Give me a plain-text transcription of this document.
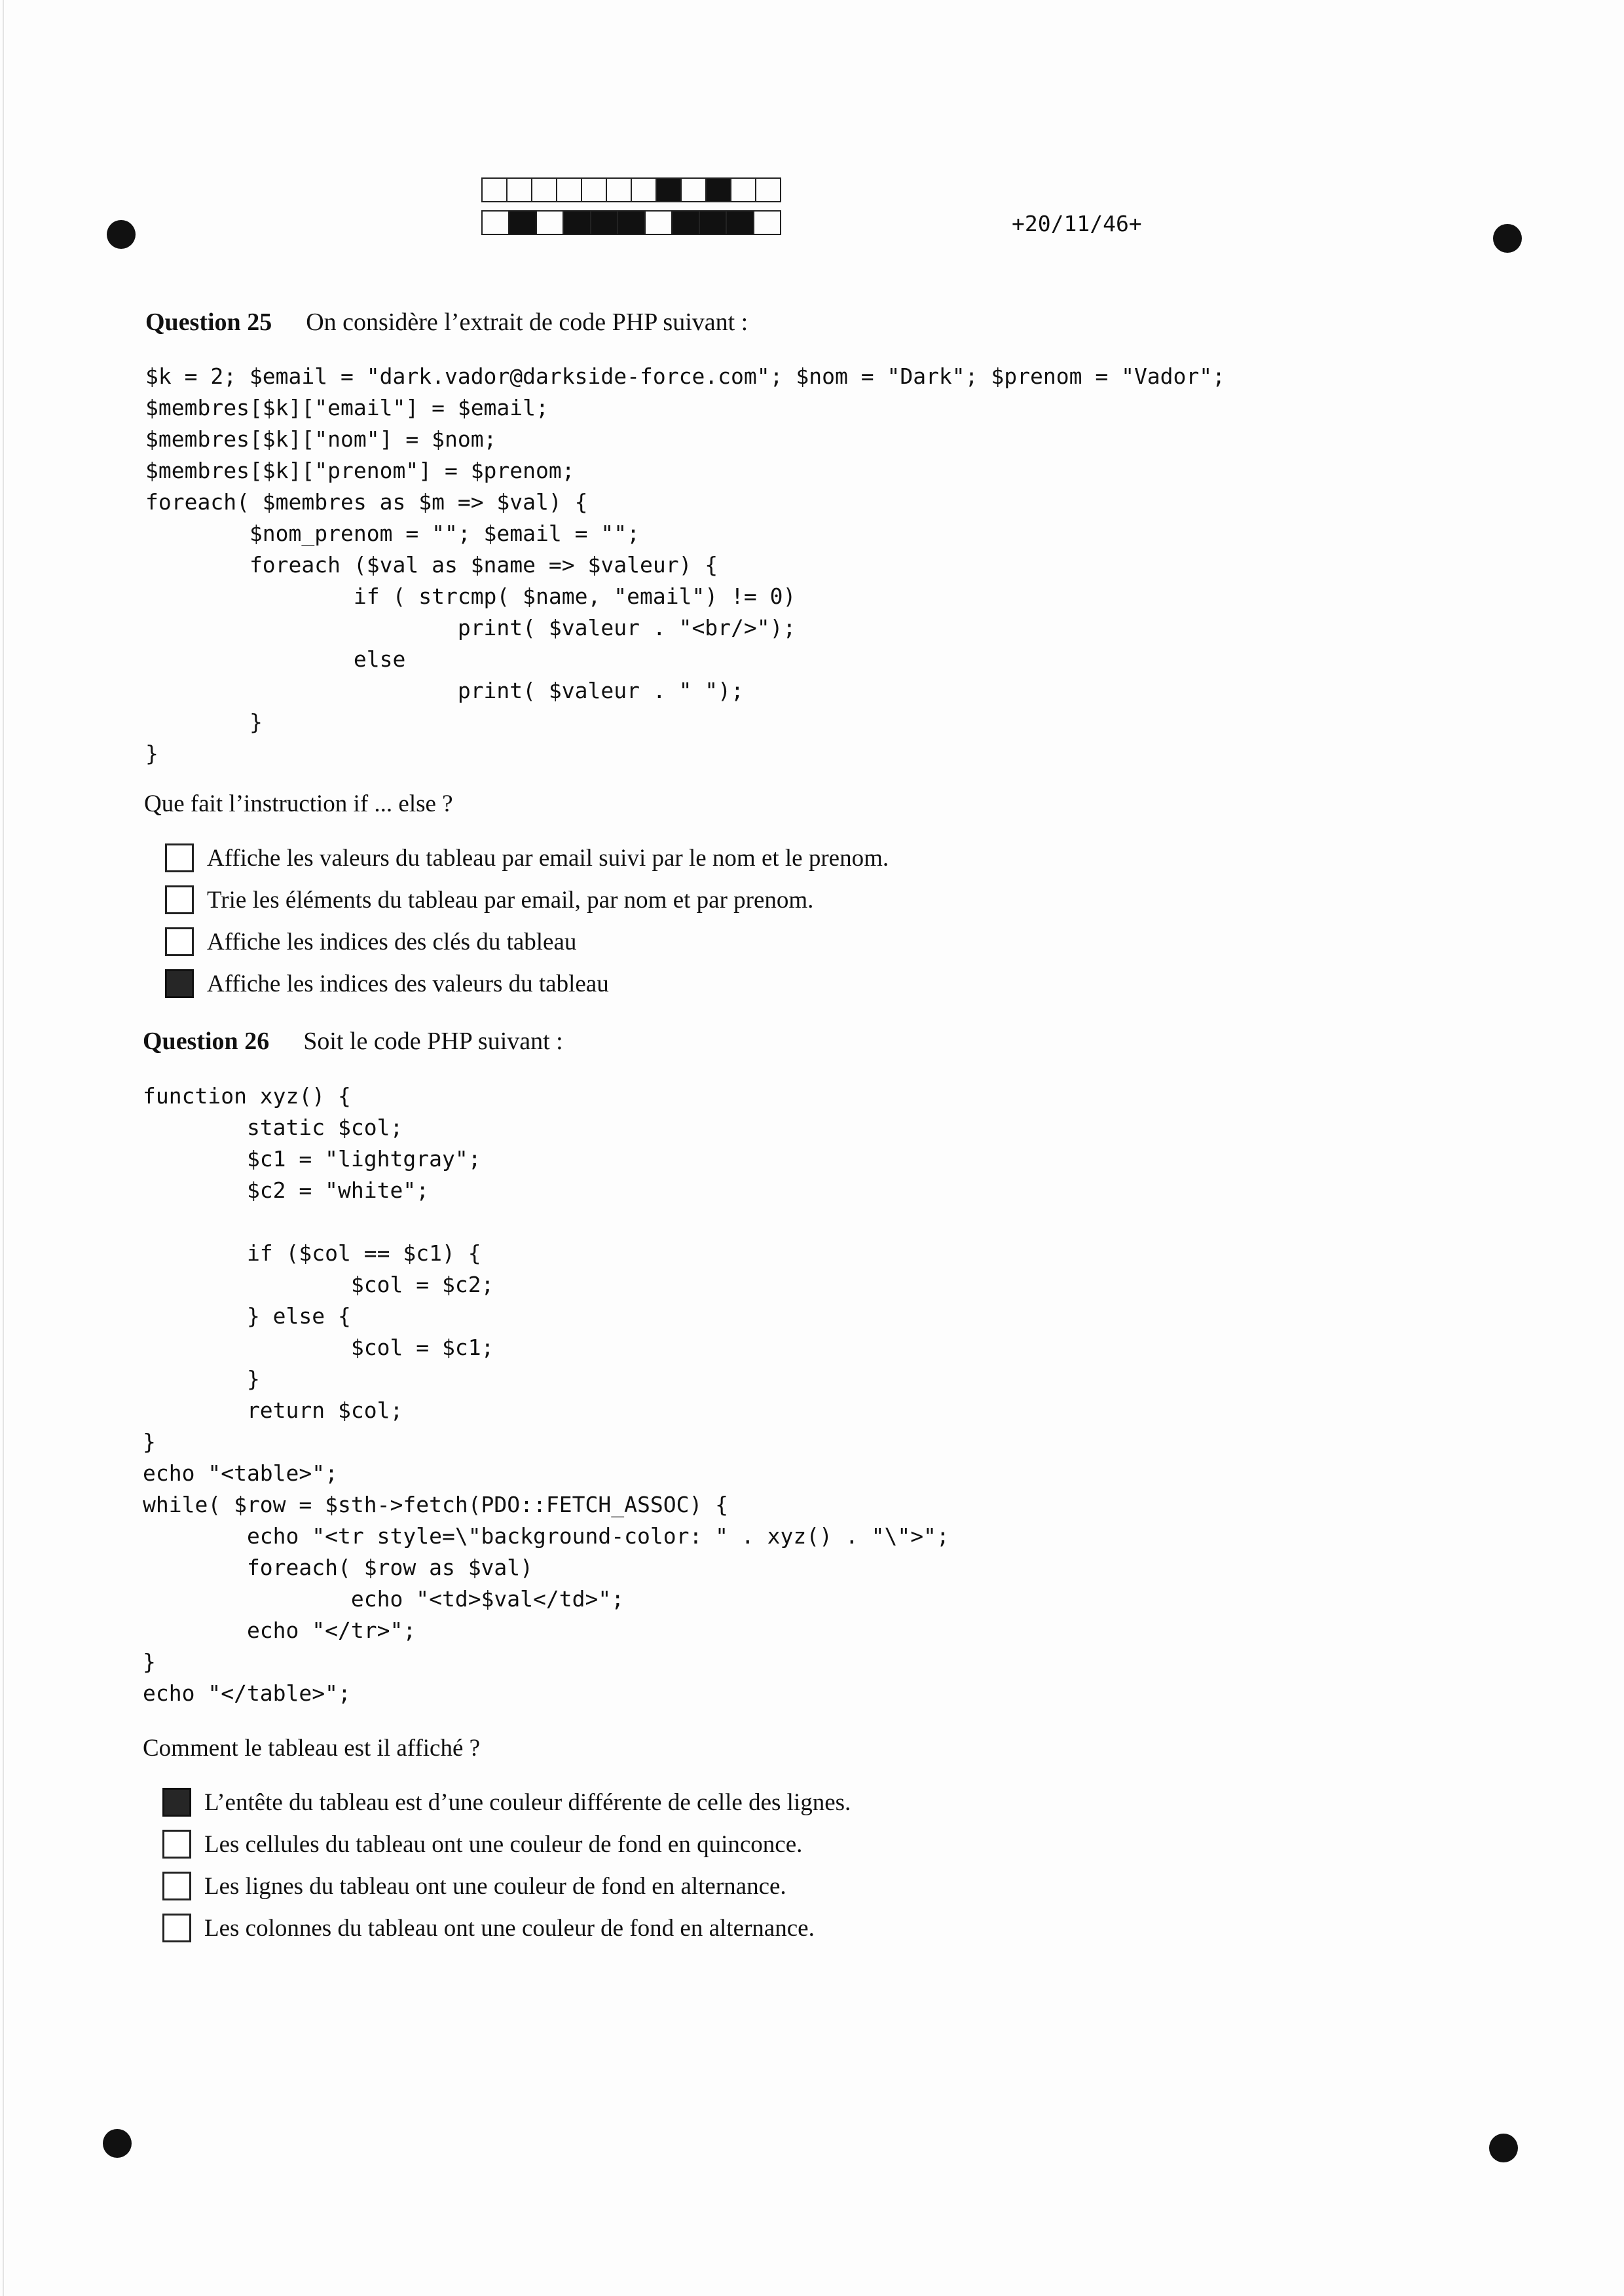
+20/11/46+
Question 25 On considère l’extrait de code PHP suivant :
$k = 2; $email = "dark.vador@darkside-force.com"; $nom = "Dark"; $prenom = "Vador";
$membres[$k]["email"] = $email;
$membres[$k]["nom"] = $nom;
$membres[$k]["prenom"] = $prenom;
foreach( $membres as $m => $val) {
$nom_prenom = ""; $email = "";
foreach ($val as $name => $valeur) {
if ( strcmp( $name, "email") != 0)
print( $valeur . "<br/>");
else
print( $valeur . " ");
}
}
Que fait l’instruction if ... else ?
Affiche les valeurs du tableau par email suivi par le nom et le prenom.
Trie les éléments du tableau par email, par nom et par prenom.
Affiche les indices des clés du tableau
Affiche les indices des valeurs du tableau
Question 26 Soit le code PHP suivant :
function xyz() {
static $col;
$c1 = "lightgray";
$c2 = "white";

if ($col == $c1) {
$col = $c2;
} else {
$col = $c1;
}
return $col;
}
echo "<table>";
while( $row = $sth->fetch(PDO::FETCH_ASSOC) {
echo "<tr style=\"background-color: " . xyz() . "\">";
foreach( $row as $val)
echo "<td>$val</td>";
echo "</tr>";
}
echo "</table>";
Comment le tableau est il affiché ?
L’entête du tableau est d’une couleur différente de celle des lignes.
Les cellules du tableau ont une couleur de fond en quinconce.
Les lignes du tableau ont une couleur de fond en alternance.
Les colonnes du tableau ont une couleur de fond en alternance.
